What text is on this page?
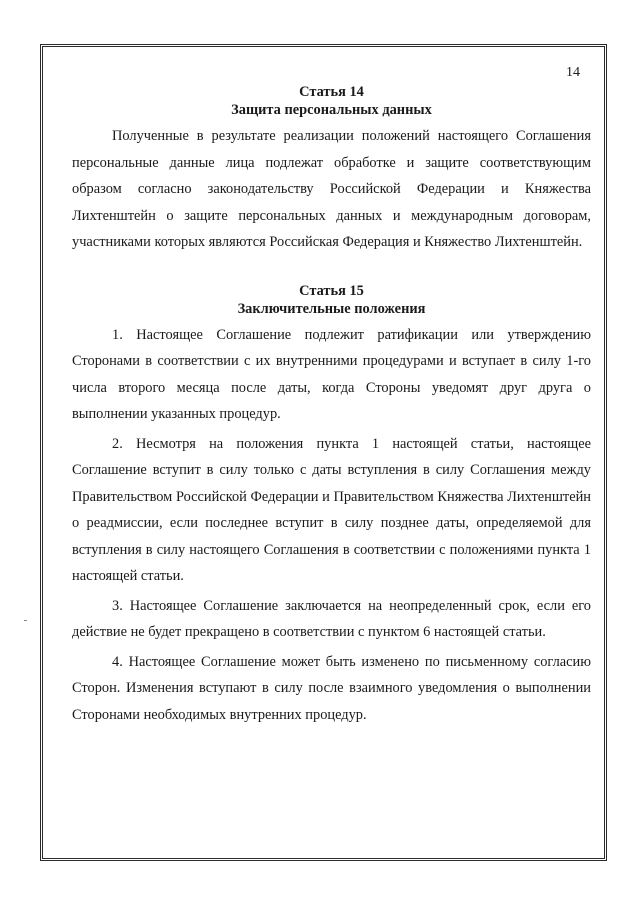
14

Статья 14

Защита персональных данных

Полученные в результате реализации положений настоящего Соглашения персональные данные лица подлежат обработке и защите соответствующим образом согласно законодательству Российской Федерации и Княжества Лихтенштейн о защите персональных данных и международным договорам, участниками которых являются Российская Федерация и Княжество Лихтенштейн.

Статья 15

Заключительные положения

1. Настоящее Соглашение подлежит ратификации или утверждению Сторонами в соответствии с их внутренними процедурами и вступает в силу 1-го числа второго месяца после даты, когда Стороны уведомят друг друга о выполнении указанных процедур.

2. Несмотря на положения пункта 1 настоящей статьи, настоящее Соглашение вступит в силу только с даты вступления в силу Соглашения между Правительством Российской Федерации и Правительством Княжества Лихтенштейн о реадмиссии, если последнее вступит в силу позднее даты, определяемой для вступления в силу настоящего Соглашения в соответствии с положениями пункта 1 настоящей статьи.

3. Настоящее Соглашение заключается на неопределенный срок, если его действие не будет прекращено в соответствии с пунктом 6 настоящей статьи.

4. Настоящее Соглашение может быть изменено по письменному согласию Сторон. Изменения вступают в силу после взаимного уведомления о выполнении Сторонами необходимых внутренних процедур.
